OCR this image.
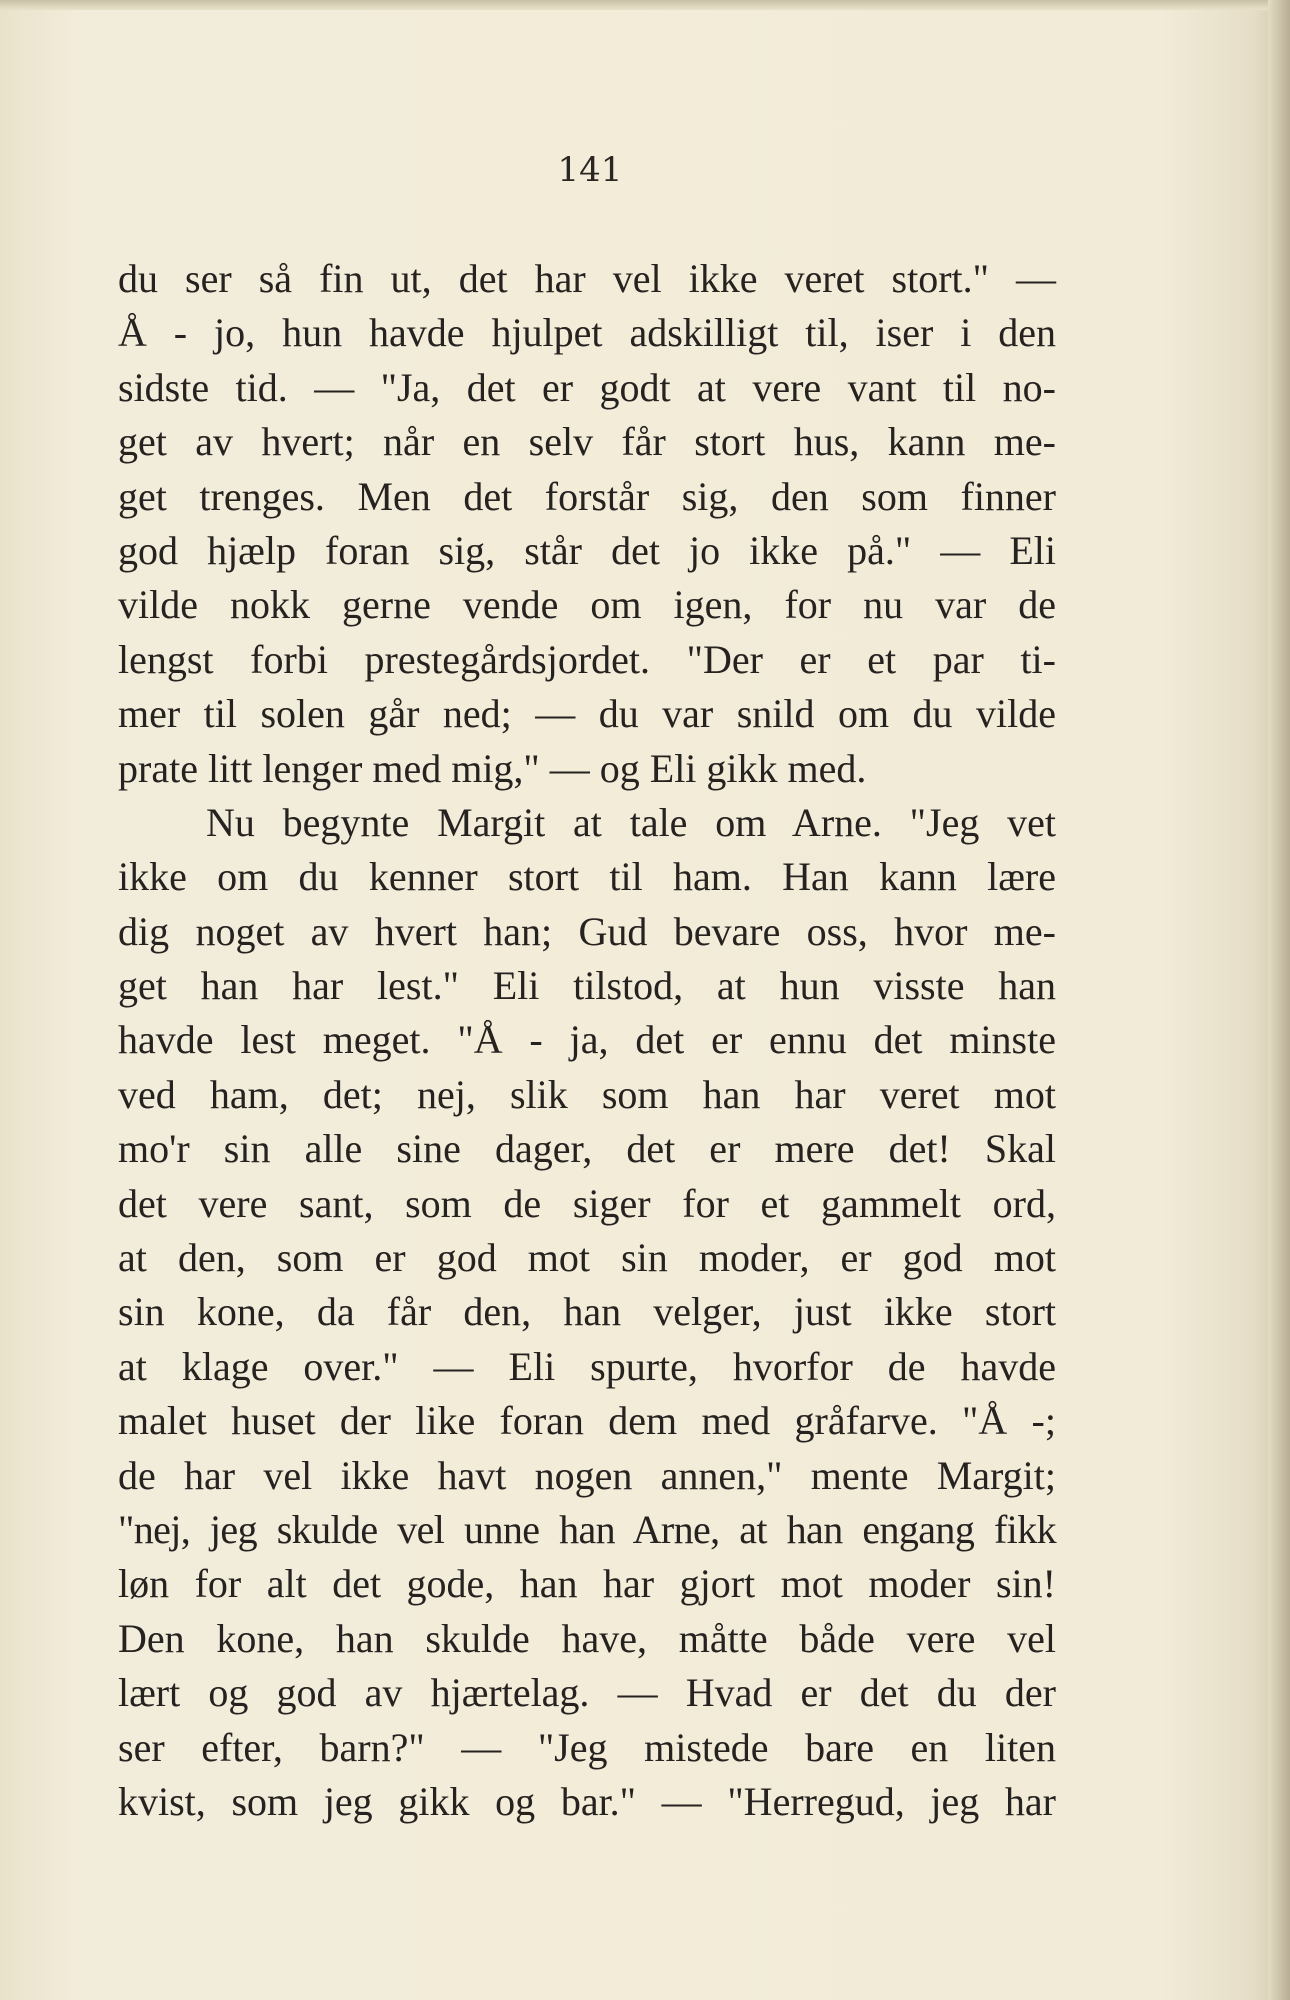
141
du ser så fin ut, det har vel ikke veret stort." —
Å - jo, hun havde hjulpet adskilligt til, iser i den
sidste tid. — "Ja, det er godt at vere vant til no-
get av hvert; når en selv får stort hus, kann me-
get trenges. Men det forstår sig, den som finner
god hjælp foran sig, står det jo ikke på." — Eli
vilde nokk gerne vende om igen, for nu var de
lengst forbi prestegårdsjordet. "Der er et par ti-
mer til solen går ned; — du var snild om du vilde
prate litt lenger med mig," — og Eli gikk med.
Nu begynte Margit at tale om Arne. "Jeg vet
ikke om du kenner stort til ham. Han kann lære
dig noget av hvert han; Gud bevare oss, hvor me-
get han har lest." Eli tilstod, at hun visste han
havde lest meget. "Å - ja, det er ennu det minste
ved ham, det; nej, slik som han har veret mot
mo'r sin alle sine dager, det er mere det! Skal
det vere sant, som de siger for et gammelt ord,
at den, som er god mot sin moder, er god mot
sin kone, da får den, han velger, just ikke stort
at klage over." — Eli spurte, hvorfor de havde
malet huset der like foran dem med gråfarve. "Å -;
de har vel ikke havt nogen annen," mente Margit;
"nej, jeg skulde vel unne han Arne, at han engang fikk
løn for alt det gode, han har gjort mot moder sin!
Den kone, han skulde have, måtte både vere vel
lært og god av hjærtelag. — Hvad er det du der
ser efter, barn?" — "Jeg mistede bare en liten
kvist, som jeg gikk og bar." — "Herregud, jeg har
